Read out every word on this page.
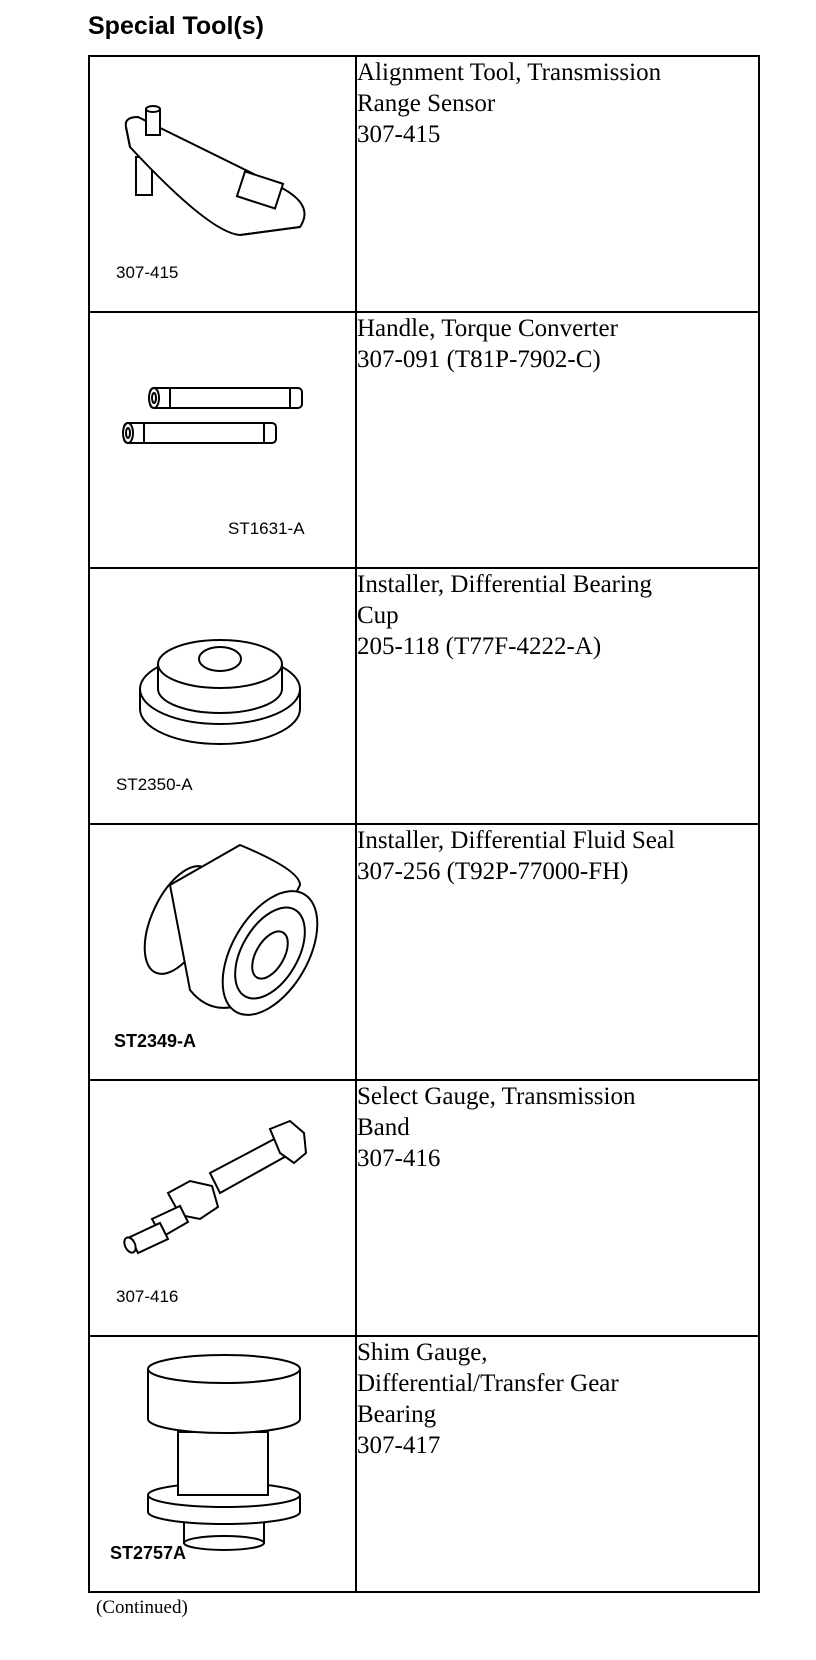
Special Tool(s)
307-415	Alignment Tool, Transmission
Range Sensor
307-415

ST1631-A	Handle, Torque Converter
307-091 (T81P-7902-C)

ST2350-A	Installer, Differential Bearing
Cup
205-118 (T77F-4222-A)

ST2349-A	Installer, Differential Fluid Seal
307-256 (T92P-77000-FH)

307-416	Select Gauge, Transmission
Band
307-416

ST2757A	Shim Gauge,
Differential/Transfer Gear
Bearing
307-417
(Continued)
